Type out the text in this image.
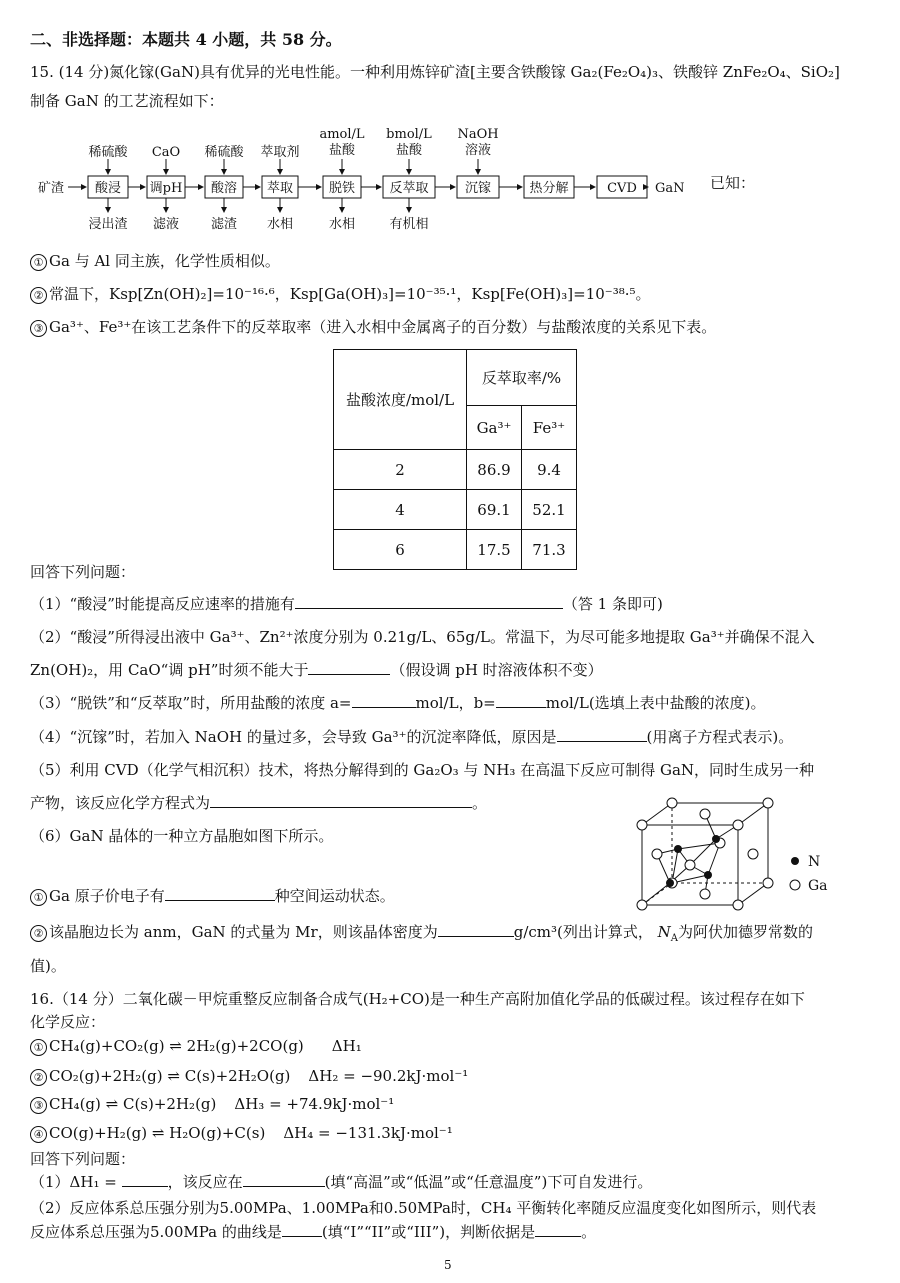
二、非选择题：本题共 4 小题，共 58 分。
15. (14 分)氮化镓(GaN)具有优异的光电性能。一种利用炼锌矿渣[主要含铁酸镓 Ga₂(Fe₂O₄)₃、铁酸锌 ZnFe₂O₄、SiO₂]
制备 GaN 的工艺流程如下：
矿渣 酸浸
稀硫酸
浸出渣
调pH
CaO
滤液
酸溶
稀硫酸
滤渣
萃取
萃取剂
水相
脱铁
amol/L
盐酸
水相
反萃取
bmol/L
盐酸
有机相
沉镓
NaOH
溶液
热分解	CVD GaN 已知：
① Ga 与 Al 同主族，化学性质相似。
② 常温下，Ksp[Zn(OH)₂]=10⁻¹⁶·⁶，Ksp[Ga(OH)₃]=10⁻³⁵·¹，Ksp[Fe(OH)₃]=10⁻³⁸·⁵。
③ Ga³⁺、Fe³⁺在该工艺条件下的反萃取率（进入水相中金属离子的百分数）与盐酸浓度的关系见下表。
盐酸浓度/mol/L	反萃取率/%	
	Ga³⁺	Fe³⁺
2	86.9	9.4
4	69.1	52.1
6	17.5	71.3
回答下列问题：
（1）“酸浸”时能提高反应速率的措施有	（答 1 条即可)
（2）“酸浸”所得浸出液中 Ga³⁺、Zn²⁺浓度分别为 0.21g/L、65g/L。常温下，为尽可能多地提取 Ga³⁺并确保不混入
Zn(OH)₂，用 CaO“调 pH”时须不能大于	（假设调 pH 时溶液体积不变）
（3）“脱铁”和“反萃取”时，所用盐酸的浓度 a=	mol/L，b=	mol/L(选填上表中盐酸的浓度)。
（4）“沉镓”时，若加入 NaOH 的量过多，会导致 Ga³⁺的沉淀率降低，原因是	(用离子方程式表示)。
（5）利用 CVD（化学气相沉积）技术，将热分解得到的 Ga₂O₃ 与 NH₃ 在高温下反应可制得 GaN，同时生成另一种
产物，该反应化学方程式为	。
（6）GaN 晶体的一种立方晶胞如图下所示。
N
Ga
① Ga 原子价电子有	种空间运动状态。
② 该晶胞边长为 anm，GaN 的式量为 Mr，则该晶体密度为	g/cm³(列出计算式， $N_A$为阿伏加德罗常数的
值)。
16.（14 分）二氧化碳－甲烷重整反应制备合成气(H₂+CO)是一种生产高附加值化学品的低碳过程。该过程存在如下
化学反应：
① CH₄(g)+CO₂(g) ⇌ 2H₂(g)+2CO(g) ΔH₁
② CO₂(g)+2H₂(g) ⇌ C(s)+2H₂O(g) ΔH₂ = −90.2kJ·mol⁻¹
③ CH₄(g) ⇌ C(s)+2H₂(g) ΔH₃ = +74.9kJ·mol⁻¹
④ CO(g)+H₂(g) ⇌ H₂O(g)+C(s) ΔH₄ = −131.3kJ·mol⁻¹
回答下列问题：
（1）ΔH₁ =	，该反应在	(填“高温”或“低温”或“任意温度”)下可自发进行。
（2）反应体系总压强分别为5.00MPa、1.00MPa和0.50MPa时，CH₄ 平衡转化率随反应温度变化如图所示，则代表
反应体系总压强为5.00MPa 的曲线是	(填“I”“II”或“III”)，判断依据是	。
5
